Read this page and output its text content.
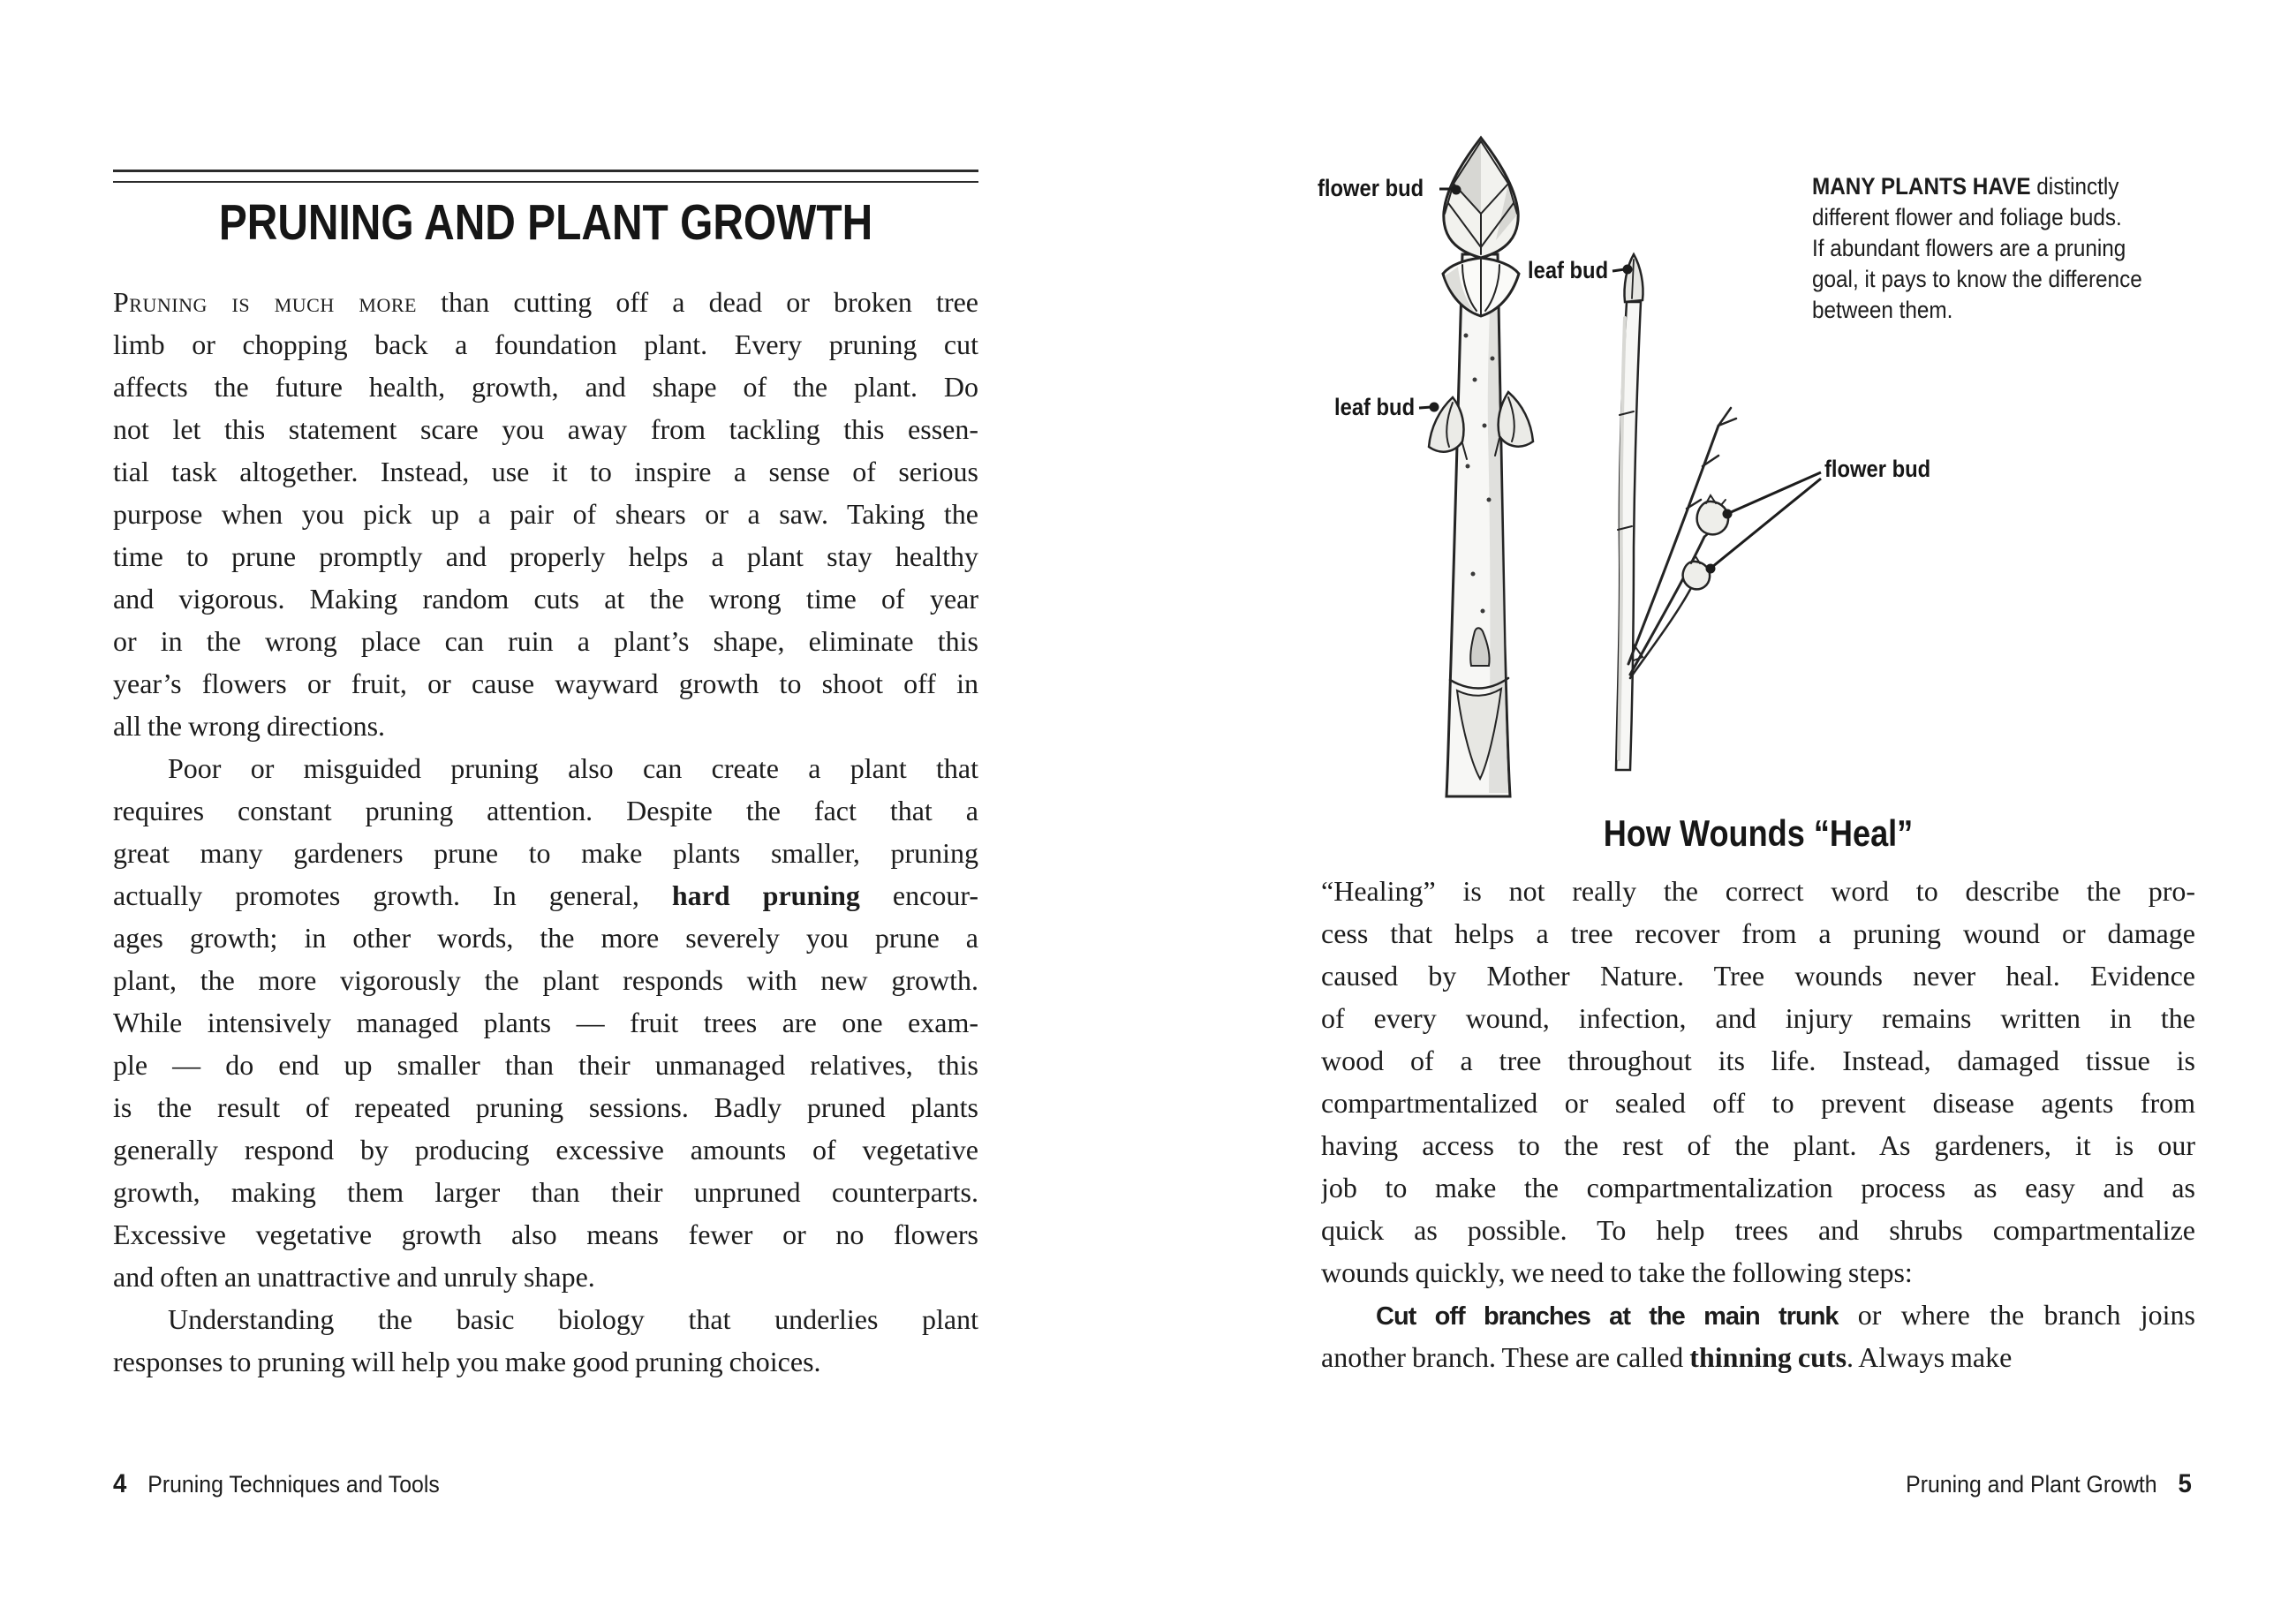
PRUNING AND PLANT GROWTH
Pruning is much more than cutting off a dead or broken tree
limb or chopping back a foundation plant. Every pruning cut
affects the future health, growth, and shape of the plant. Do
not let this statement scare you away from tackling this essen-
tial task altogether. Instead, use it to inspire a sense of serious
purpose when you pick up a pair of shears or a saw. Taking the
time to prune promptly and properly helps a plant stay healthy
and vigorous. Making random cuts at the wrong time of year
or in the wrong place can ruin a plant’s shape, eliminate this
year’s flowers or fruit, or cause wayward growth to shoot off in
all the wrong directions.
Poor or misguided pruning also can create a plant that
requires constant pruning attention. Despite the fact that a
great many gardeners prune to make plants smaller, pruning
actually promotes growth. In general, hard pruning encour-
ages growth; in other words, the more severely you prune a
plant, the more vigorously the plant responds with new growth.
While intensively managed plants — fruit trees are one exam-
ple — do end up smaller than their unmanaged relatives, this
is the result of repeated pruning sessions. Badly pruned plants
generally respond by producing excessive amounts of vegetative
growth, making them larger than their unpruned counterparts.
Excessive vegetative growth also means fewer or no flowers
and often an unattractive and unruly shape.
Understanding the basic biology that underlies plant
responses to pruning will help you make good pruning choices.
4 Pruning Techniques and Tools
flower bud
leaf bud
leaf bud
flower bud
MANY PLANTS HAVE distinctly
different flower and foliage buds.
If abundant flowers are a pruning
goal, it pays to know the difference
between them.
How Wounds “Heal”
“Healing” is not really the correct word to describe the pro-
cess that helps a tree recover from a pruning wound or damage
caused by Mother Nature. Tree wounds never heal. Evidence
of every wound, infection, and injury remains written in the
wood of a tree throughout its life. Instead, damaged tissue is
compartmentalized or sealed off to prevent disease agents from
having access to the rest of the plant. As gardeners, it is our
job to make the compartmentalization process as easy and as
quick as possible. To help trees and shrubs compartmentalize
wounds quickly, we need to take the following steps:
Cut off branches at the main trunk or where the branch joins
another branch. These are called thinning cuts. Always make
Pruning and Plant Growth 5
